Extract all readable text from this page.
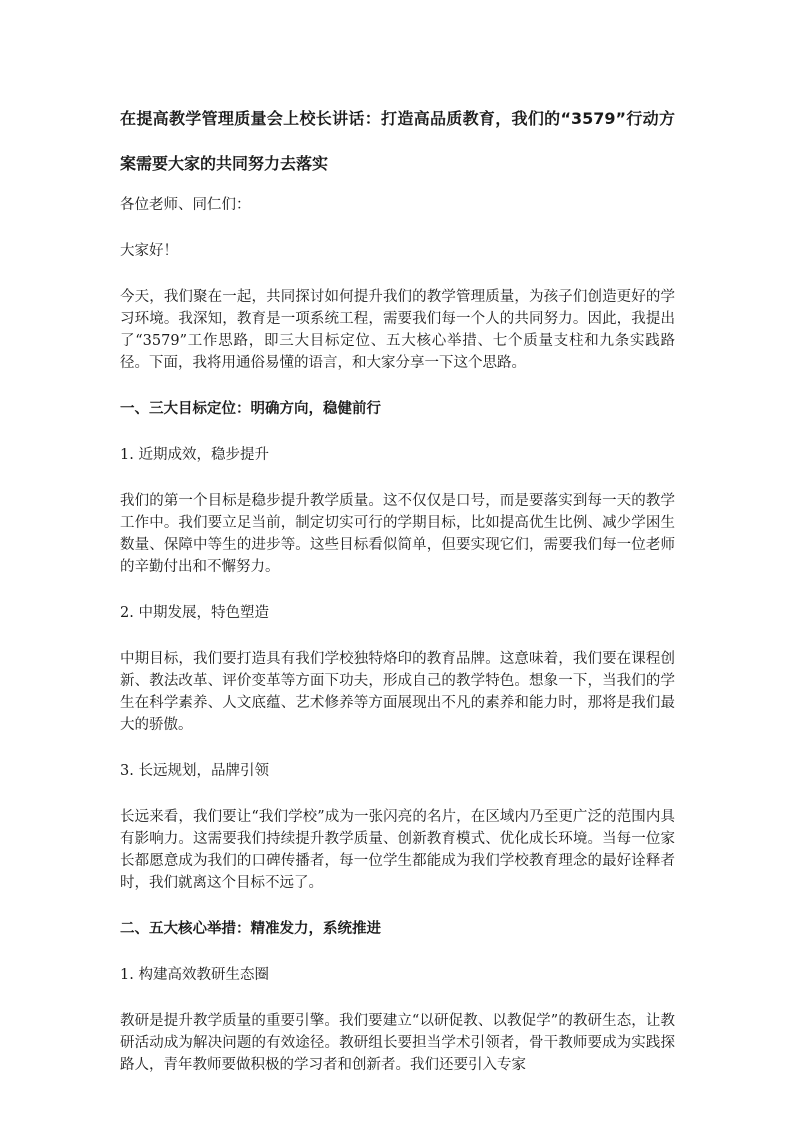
在提高教学管理质量会上校长讲话：打造高品质教育，我们的“3579”行动方案需要大家的共同努力去落实
各位老师、同仁们：
大家好！
今天，我们聚在一起，共同探讨如何提升我们的教学管理质量，为孩子们创造更好的学习环境。我深知，教育是一项系统工程，需要我们每一个人的共同努力。因此，我提出了“3579”工作思路，即三大目标定位、五大核心举措、七个质量支柱和九条实践路径。下面，我将用通俗易懂的语言，和大家分享一下这个思路。
一、三大目标定位：明确方向，稳健前行
1. 近期成效，稳步提升
我们的第一个目标是稳步提升教学质量。这不仅仅是口号，而是要落实到每一天的教学工作中。我们要立足当前，制定切实可行的学期目标，比如提高优生比例、减少学困生数量、保障中等生的进步等。这些目标看似简单，但要实现它们，需要我们每一位老师的辛勤付出和不懈努力。
2. 中期发展，特色塑造
中期目标，我们要打造具有我们学校独特烙印的教育品牌。这意味着，我们要在课程创新、教法改革、评价变革等方面下功夫，形成自己的教学特色。想象一下，当我们的学生在科学素养、人文底蕴、艺术修养等方面展现出不凡的素养和能力时，那将是我们最大的骄傲。
3. 长远规划，品牌引领
长远来看，我们要让“我们学校”成为一张闪亮的名片，在区域内乃至更广泛的范围内具有影响力。这需要我们持续提升教学质量、创新教育模式、优化成长环境。当每一位家长都愿意成为我们的口碑传播者，每一位学生都能成为我们学校教育理念的最好诠释者时，我们就离这个目标不远了。
二、五大核心举措：精准发力，系统推进
1. 构建高效教研生态圈
教研是提升教学质量的重要引擎。我们要建立“以研促教、以教促学”的教研生态，让教研活动成为解决问题的有效途径。教研组长要担当学术引领者，骨干教师要成为实践探路人，青年教师要做积极的学习者和创新者。我们还要引入专家
